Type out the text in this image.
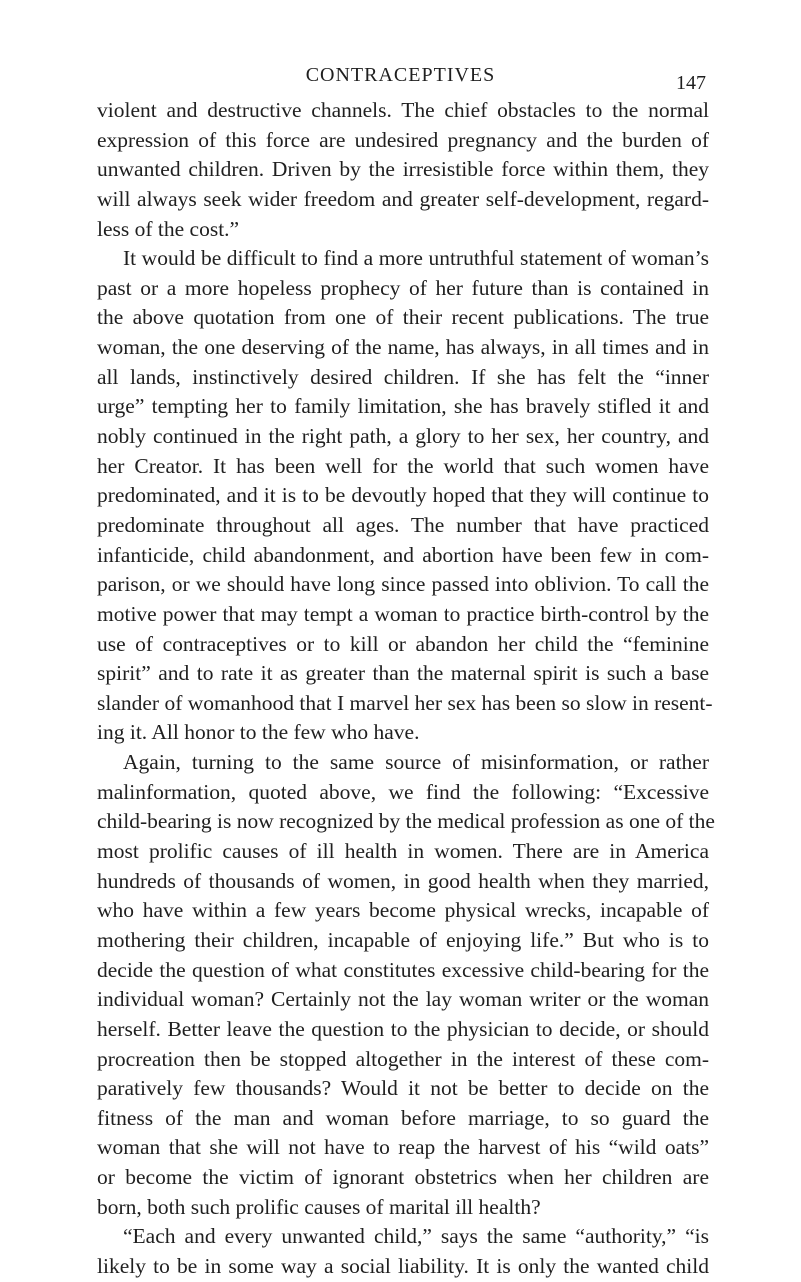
CONTRACEPTIVES	147
violent and destructive channels. The chief obstacles to the normal
expression of this force are undesired pregnancy and the burden of
unwanted children. Driven by the irresistible force within them, they
will always seek wider freedom and greater self-development, regard-
less of the cost.”
It would be difficult to find a more untruthful statement of woman’s
past or a more hopeless prophecy of her future than is contained in
the above quotation from one of their recent publications. The true
woman, the one deserving of the name, has always, in all times and in
all lands, instinctively desired children. If she has felt the “inner
urge” tempting her to family limitation, she has bravely stifled it and
nobly continued in the right path, a glory to her sex, her country, and
her Creator. It has been well for the world that such women have
predominated, and it is to be devoutly hoped that they will continue to
predominate throughout all ages. The number that have practiced
infanticide, child abandonment, and abortion have been few in com-
parison, or we should have long since passed into oblivion. To call the
motive power that may tempt a woman to practice birth-control by the
use of contraceptives or to kill or abandon her child the “feminine
spirit” and to rate it as greater than the maternal spirit is such a base
slander of womanhood that I marvel her sex has been so slow in resent-
ing it. All honor to the few who have.
Again, turning to the same source of misinformation, or rather
malinformation, quoted above, we find the following: “Excessive
child-bearing is now recognized by the medical profession as one of the
most prolific causes of ill health in women. There are in America
hundreds of thousands of women, in good health when they married,
who have within a few years become physical wrecks, incapable of
mothering their children, incapable of enjoying life.” But who is to
decide the question of what constitutes excessive child-bearing for the
individual woman? Certainly not the lay woman writer or the woman
herself. Better leave the question to the physician to decide, or should
procreation then be stopped altogether in the interest of these com-
paratively few thousands? Would it not be better to decide on the
fitness of the man and woman before marriage, to so guard the
woman that she will not have to reap the harvest of his “wild oats”
or become the victim of ignorant obstetrics when her children are
born, both such prolific causes of marital ill health?
“Each and every unwanted child,” says the same “authority,” “is
likely to be in some way a social liability. It is only the wanted child
